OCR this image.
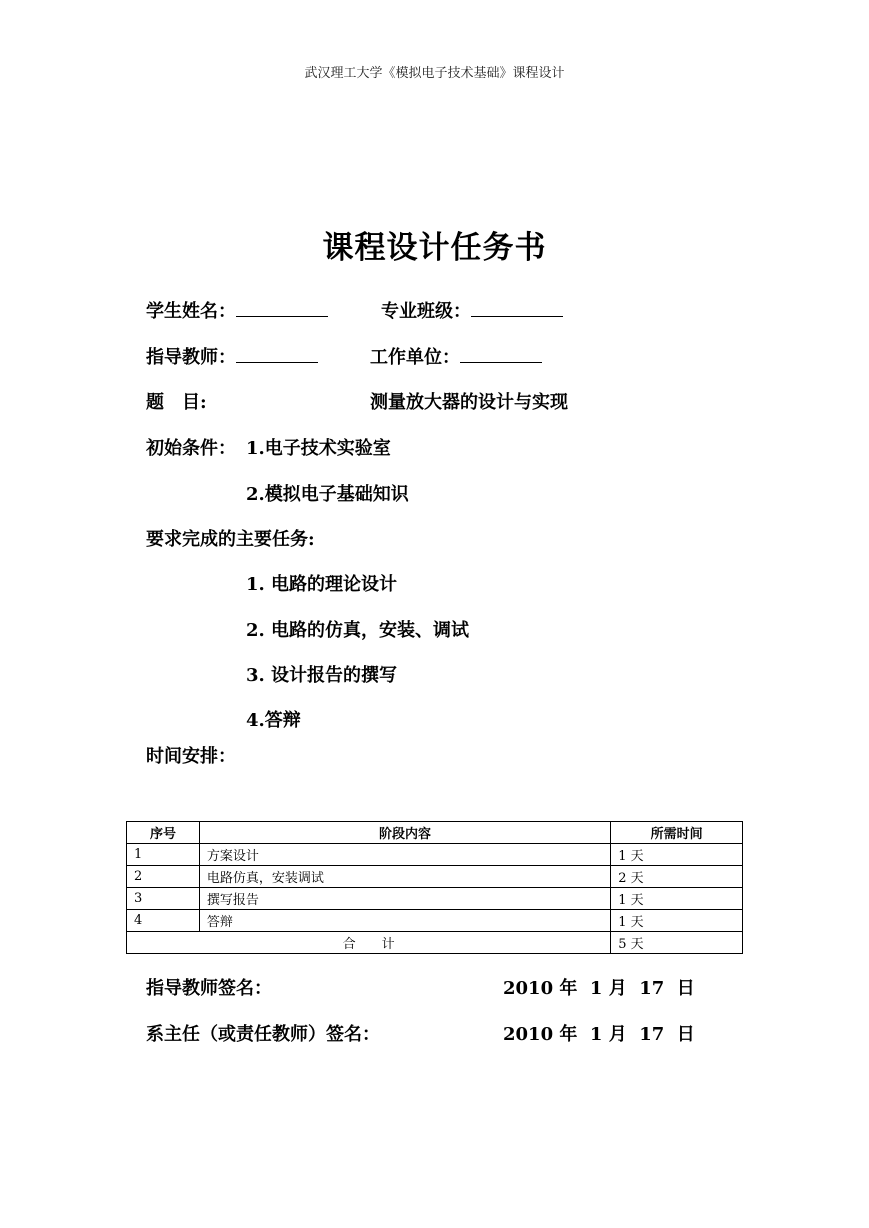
武汉理工大学《模拟电子技术基础》课程设计
课程设计任务书
学生姓名：	专业班级：
指导教师：	工作单位：
题　目:	测量放大器的设计与实现
初始条件： 1.电子技术实验室
2.模拟电子基础知识
要求完成的主要任务:
1. 电路的理论设计
2. 电路的仿真，安装、调试
3. 设计报告的撰写
4.答辩
时间安排：
序号	阶段内容	所需时间
1	方案设计	1 天
2	电路仿真，安装调试	2 天
3	撰写报告	1 天
4	答辩	1 天
合　　计		5 天
指导教师签名：	2010 年  1 月  17  日
系主任（或责任教师）签名：	2010 年  1 月  17  日
